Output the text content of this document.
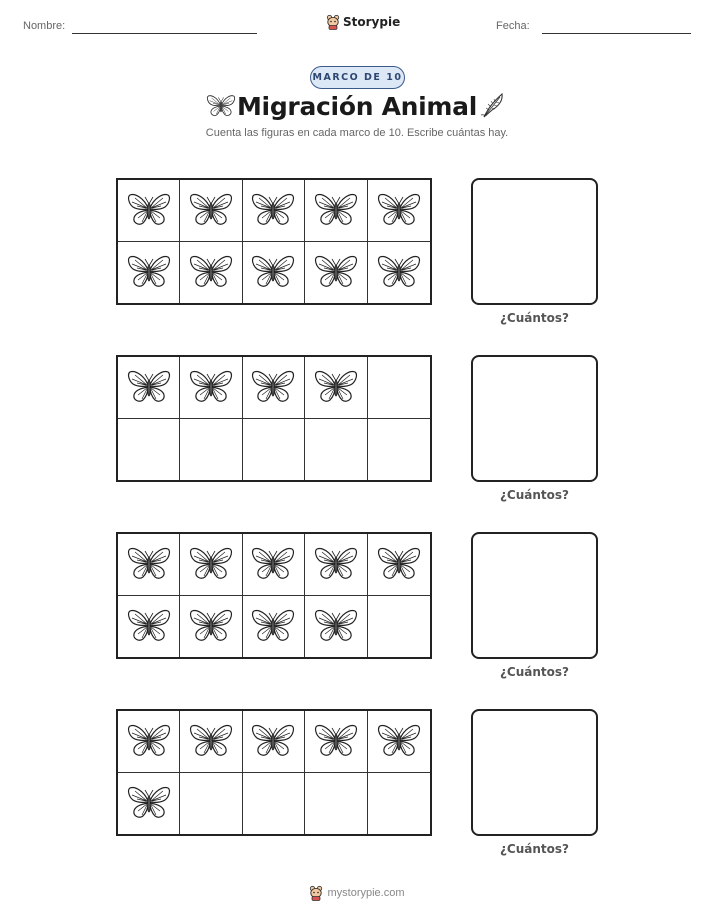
Nombre:	Storypie	Fecha:
MARCO DE 10
Migración Animal
Cuenta las figuras en cada marco de 10. Escribe cuántas hay.
¿Cuántos?
¿Cuántos?
¿Cuántos?
¿Cuántos?
mystorypie.com
